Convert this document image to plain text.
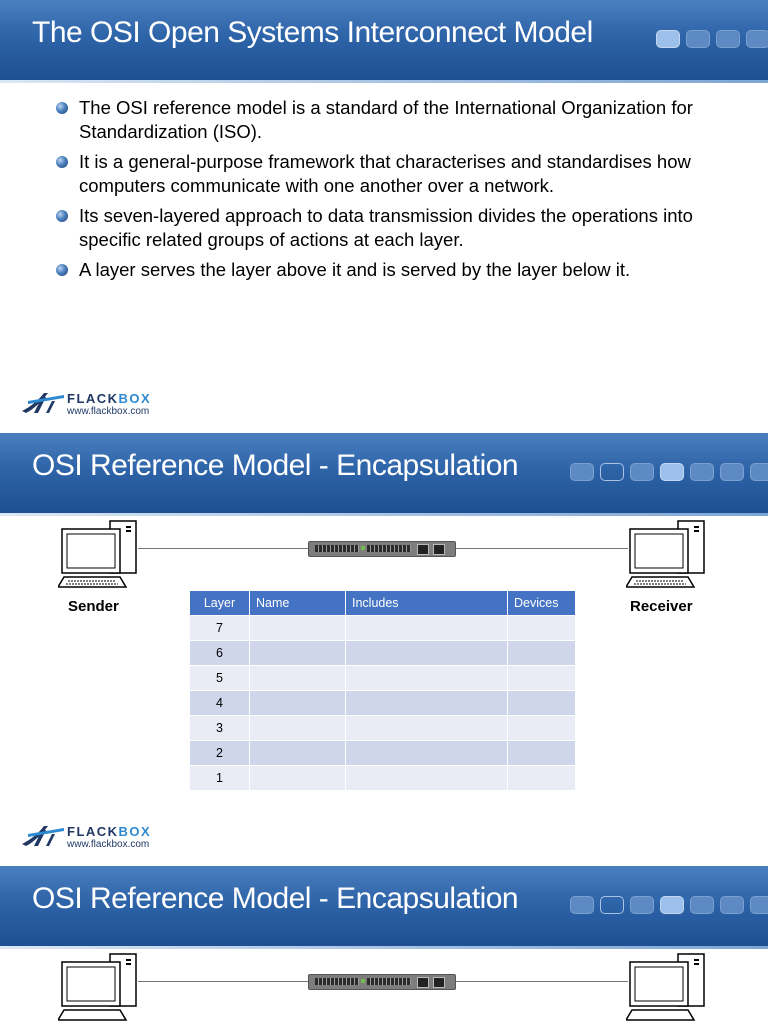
The OSI Open Systems Interconnect Model
The OSI reference model is a standard of the International Organization for Standardization (ISO).
It is a general-purpose framework that characterises and standardises how computers communicate with one another over a network.
Its seven-layered approach to data transmission divides the operations into specific related groups of actions at each layer.
A layer serves the layer above it and is served by the layer below it.
FLACKBOX
www.flackbox.com
OSI Reference Model - Encapsulation
Sender	Receiver
Layer	Name	Includes	Devices
7			
6			
5			
4			
3			
2			
1			
FLACKBOX
www.flackbox.com
OSI Reference Model - Encapsulation
